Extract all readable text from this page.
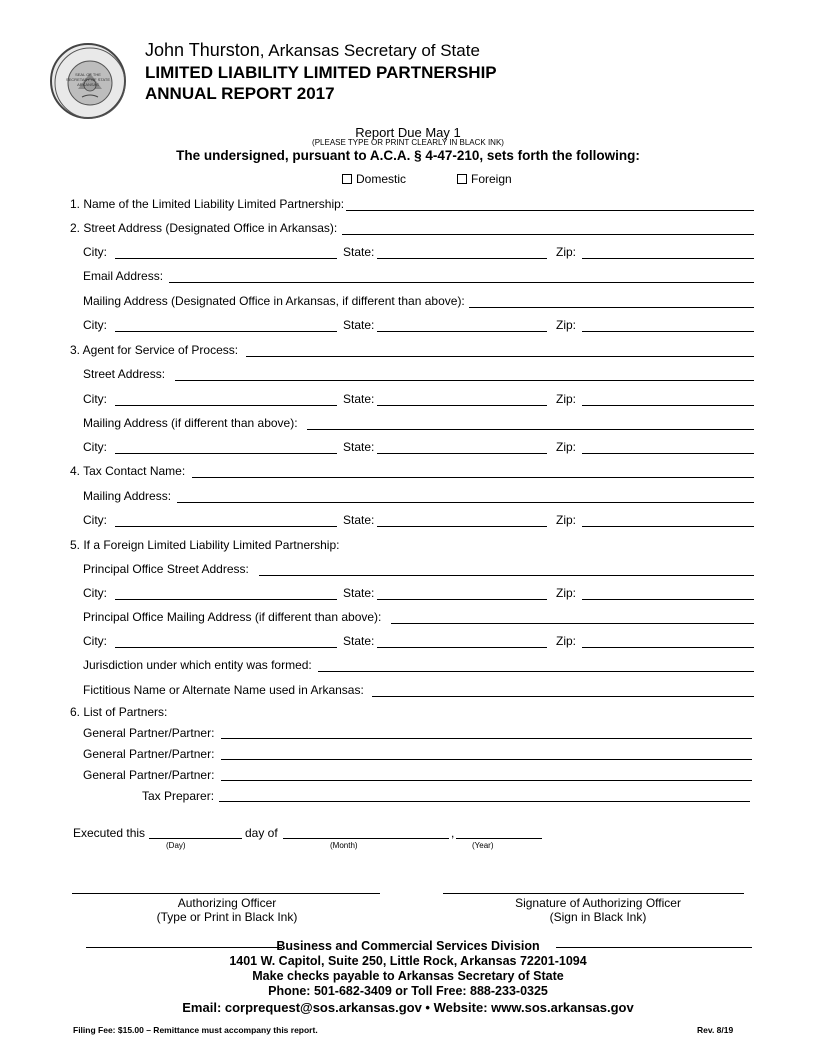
SEAL OF THE SECRETARY OF STATE ARKANSAS
John Thurston, Arkansas Secretary of State
LIMITED LIABILITY LIMITED PARTNERSHIP
ANNUAL REPORT 2017
Report Due May 1
(PLEASE TYPE OR PRINT CLEARLY IN BLACK INK)
The undersigned, pursuant to A.C.A. § 4-47-210, sets forth the following:
Domestic	Foreign
1. Name of the Limited Liability Limited Partnership:
2. Street Address (Designated Office in Arkansas):
City:	State:	Zip:
Email Address:
Mailing Address (Designated Office in Arkansas, if different than above):
City:	State:	Zip:
3. Agent for Service of Process:
Street Address:
City:	State:	Zip:
Mailing Address (if different than above):
City:	State:	Zip:
4. Tax Contact Name:
Mailing Address:
City:	State:	Zip:
5. If a Foreign Limited Liability Limited Partnership:
Principal Office Street Address:
City:	State:	Zip:
Principal Office Mailing Address (if different than above):
City:	State:	Zip:
Jurisdiction under which entity was formed:
Fictitious Name or Alternate Name used in Arkansas:
6. List of Partners:
General Partner/Partner:
General Partner/Partner:
General Partner/Partner:
Tax Preparer:
Executed this	day of	,
(Day)	(Month)	(Year)
Authorizing Officer
(Type or Print in Black Ink)
Signature of Authorizing Officer
(Sign in Black Ink)
Business and Commercial Services Division
1401 W. Capitol, Suite 250, Little Rock, Arkansas 72201-1094
Make checks payable to Arkansas Secretary of State
Phone: 501-682-3409 or Toll Free: 888-233-0325
Email: corprequest@sos.arkansas.gov • Website: www.sos.arkansas.gov
Filing Fee: $15.00 – Remittance must accompany this report.	Rev. 8/19
